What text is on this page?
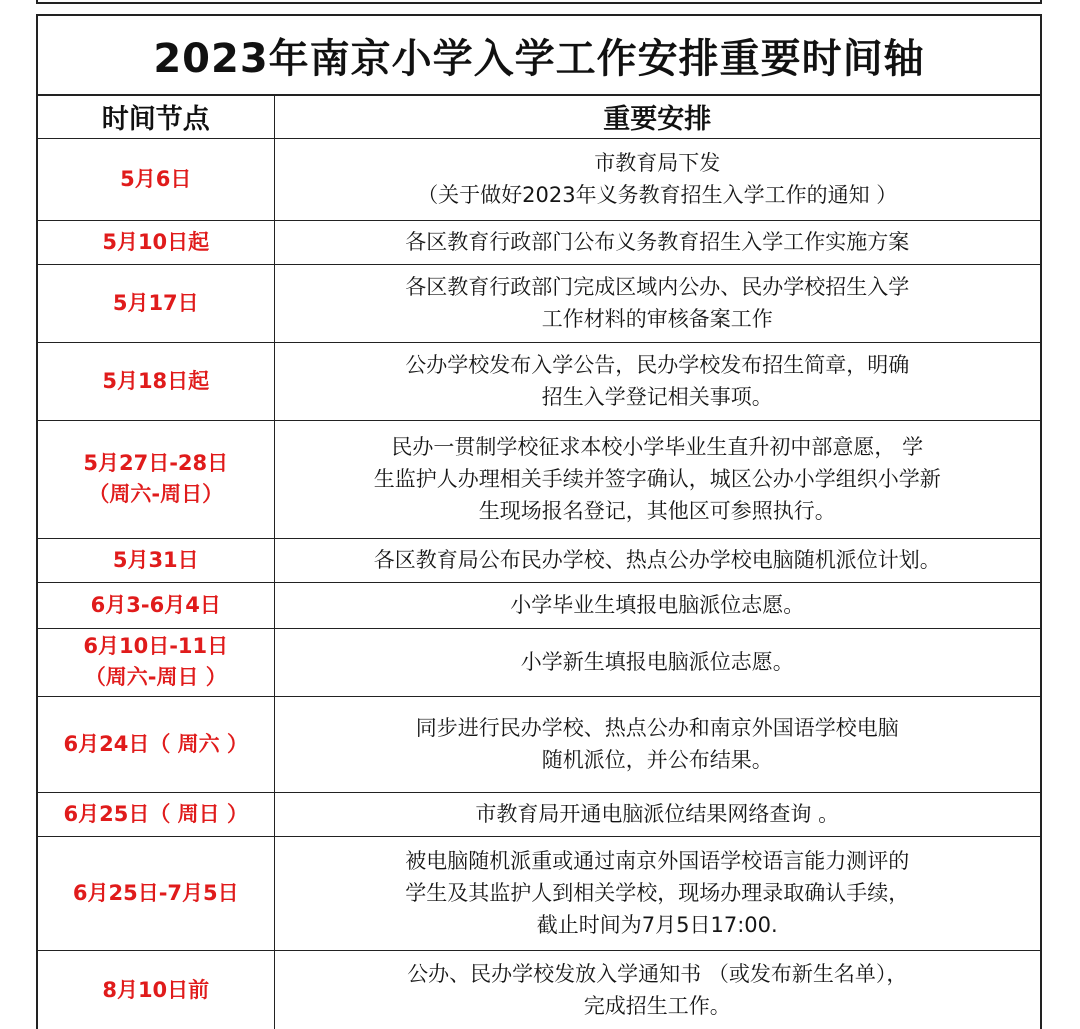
2023年南京小学入学工作安排重要时间轴
时间节点	重要安排
5月6日	市教育局下发
（关于做好2023年义务教育招生入学工作的通知 ）
5月10日起	各区教育行政部门公布义务教育招生入学工作实施方案
5月17日	各区教育行政部门完成区域内公办、民办学校招生入学
工作材料的审核备案工作
5月18日起	公办学校发布入学公告，民办学校发布招生简章，明确
招生入学登记相关事项。
5月27日-28日
（周六-周日）	民办一贯制学校征求本校小学毕业生直升初中部意愿， 学
生监护人办理相关手续并签字确认，城区公办小学组织小学新
生现场报名登记，其他区可参照执行。
5月31日	各区教育局公布民办学校、热点公办学校电脑随机派位计划。
6月3-6月4日	小学毕业生填报电脑派位志愿。
6月10日-11日
（周六-周日 ）	小学新生填报电脑派位志愿。
6月24日（ 周六 ）	同步进行民办学校、热点公办和南京外国语学校电脑
随机派位，并公布结果。
6月25日（ 周日 ）	市教育局开通电脑派位结果网络查询 。
6月25日-7月5日	被电脑随机派重或通过南京外国语学校语言能力测评的
学生及其监护人到相关学校，现场办理录取确认手续，
截止时间为7月5日17:00.
8月10日前	公办、民办学校发放入学通知书 （或发布新生名单），
完成招生工作。
